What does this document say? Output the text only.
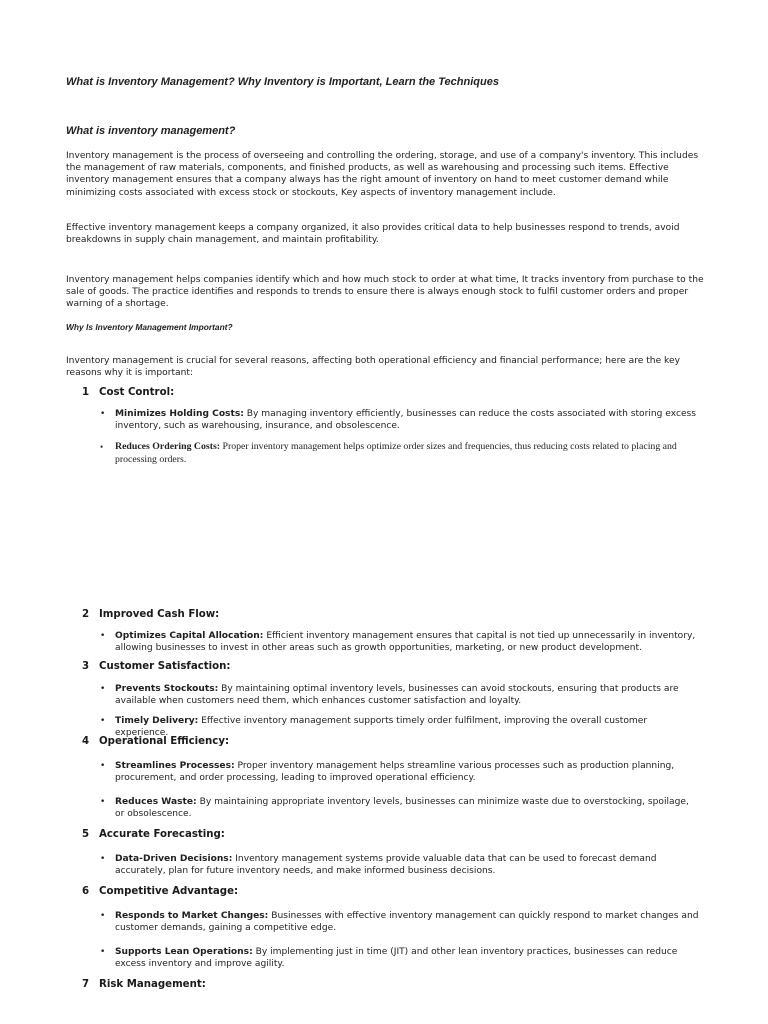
What is Inventory Management? Why Inventory is Important, Learn the Techniques
What is inventory management?
Inventory management is the process of overseeing and controlling the ordering, storage, and use of a company's inventory. This includes the management of raw materials, components, and finished products, as well as warehousing and processing such items. Effective inventory management ensures that a company always has the right amount of inventory on hand to meet customer demand while minimizing costs associated with excess stock or stockouts, Key aspects of inventory management include.
Effective inventory management keeps a company organized, it also provides critical data to help businesses respond to trends, avoid breakdowns in supply chain management, and maintain profitability.
Inventory management helps companies identify which and how much stock to order at what time, It tracks inventory from purchase to the sale of goods. The practice identifies and responds to trends to ensure there is always enough stock to fulfil customer orders and proper warning of a shortage.
Why Is Inventory Management Important?
Inventory management is crucial for several reasons, affecting both operational efficiency and financial performance; here are the key reasons why it is important:
1 Cost Control:
•	Minimizes Holding Costs: By managing inventory efficiently, businesses can reduce the costs associated with storing excess inventory, such as warehousing, insurance, and obsolescence.
•	Reduces Ordering Costs: Proper inventory management helps optimize order sizes and frequencies, thus reducing costs related to placing and processing orders.
2 Improved Cash Flow:
•	Optimizes Capital Allocation: Efficient inventory management ensures that capital is not tied up unnecessarily in inventory, allowing businesses to invest in other areas such as growth opportunities, marketing, or new product development.
3 Customer Satisfaction:
•	Prevents Stockouts: By maintaining optimal inventory levels, businesses can avoid stockouts, ensuring that products are available when customers need them, which enhances customer satisfaction and loyalty.
•	Timely Delivery: Effective inventory management supports timely order fulfilment, improving the overall customer experience.
4 Operational Efficiency:
•	Streamlines Processes: Proper inventory management helps streamline various processes such as production planning, procurement, and order processing, leading to improved operational efficiency.
•	Reduces Waste: By maintaining appropriate inventory levels, businesses can minimize waste due to overstocking, spoilage, or obsolescence.
5 Accurate Forecasting:
•	Data-Driven Decisions: Inventory management systems provide valuable data that can be used to forecast demand accurately, plan for future inventory needs, and make informed business decisions.
6 Competitive Advantage:
•	Responds to Market Changes: Businesses with effective inventory management can quickly respond to market changes and customer demands, gaining a competitive edge.
•	Supports Lean Operations: By implementing just in time (JIT) and other lean inventory practices, businesses can reduce excess inventory and improve agility.
7 Risk Management:
